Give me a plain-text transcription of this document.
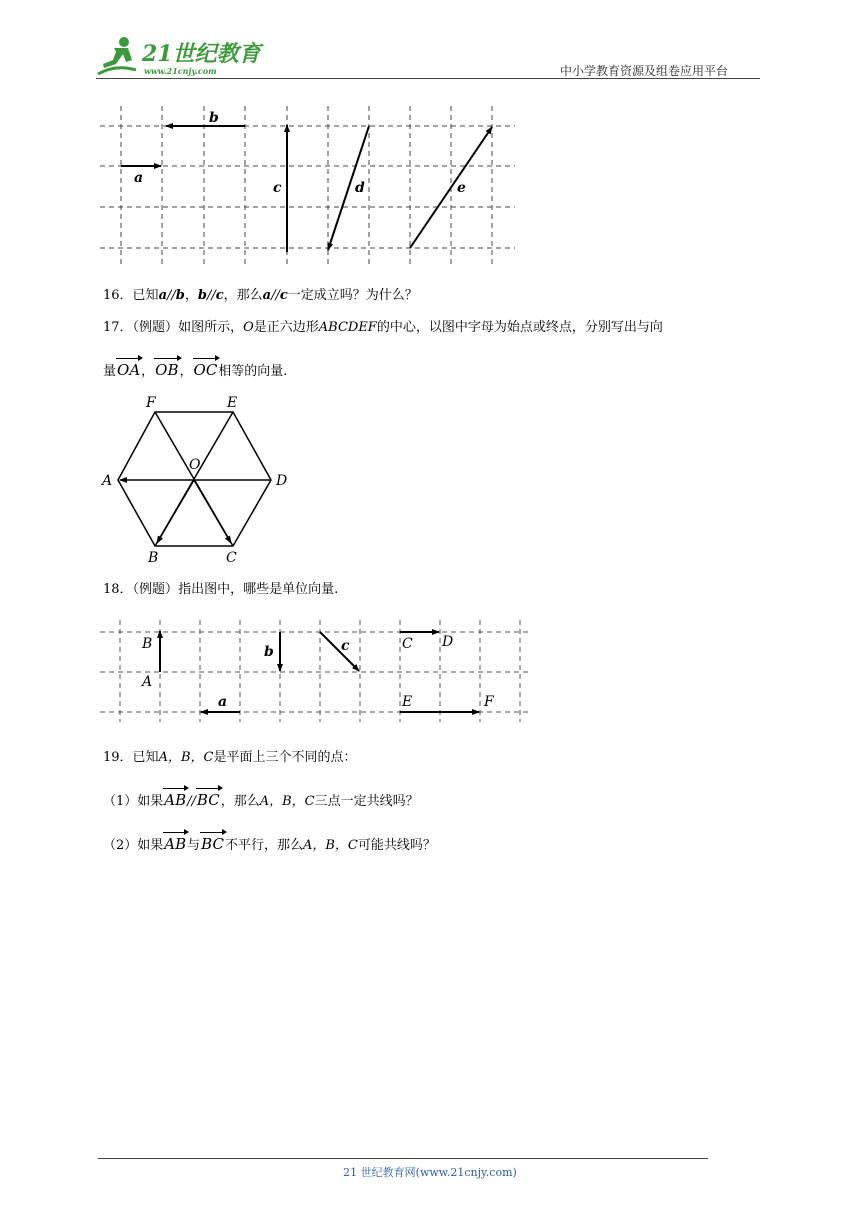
21世纪教育
www.21cnjy.com	中小学教育资源及组卷应用平台
a
b
c	d	e
16．已知a//b，b//c，那么a//c一定成立吗？为什么？
17．（例题）如图所示，O是正六边形ABCDEF的中心，以图中字母为始点或终点，分别写出与向
量OA，OB，OC相等的向量.
F	E
A
O
D
B	C
18．（例题）指出图中，哪些是单位向量.
B
A
b	c	C D
a	E	F
19．已知A，B，C是平面上三个不同的点：
（1）如果AB//BC，那么A，B，C三点一定共线吗？
（2）如果AB与BC不平行，那么A，B，C可能共线吗？
21 世纪教育网(www.21cnjy.com)
